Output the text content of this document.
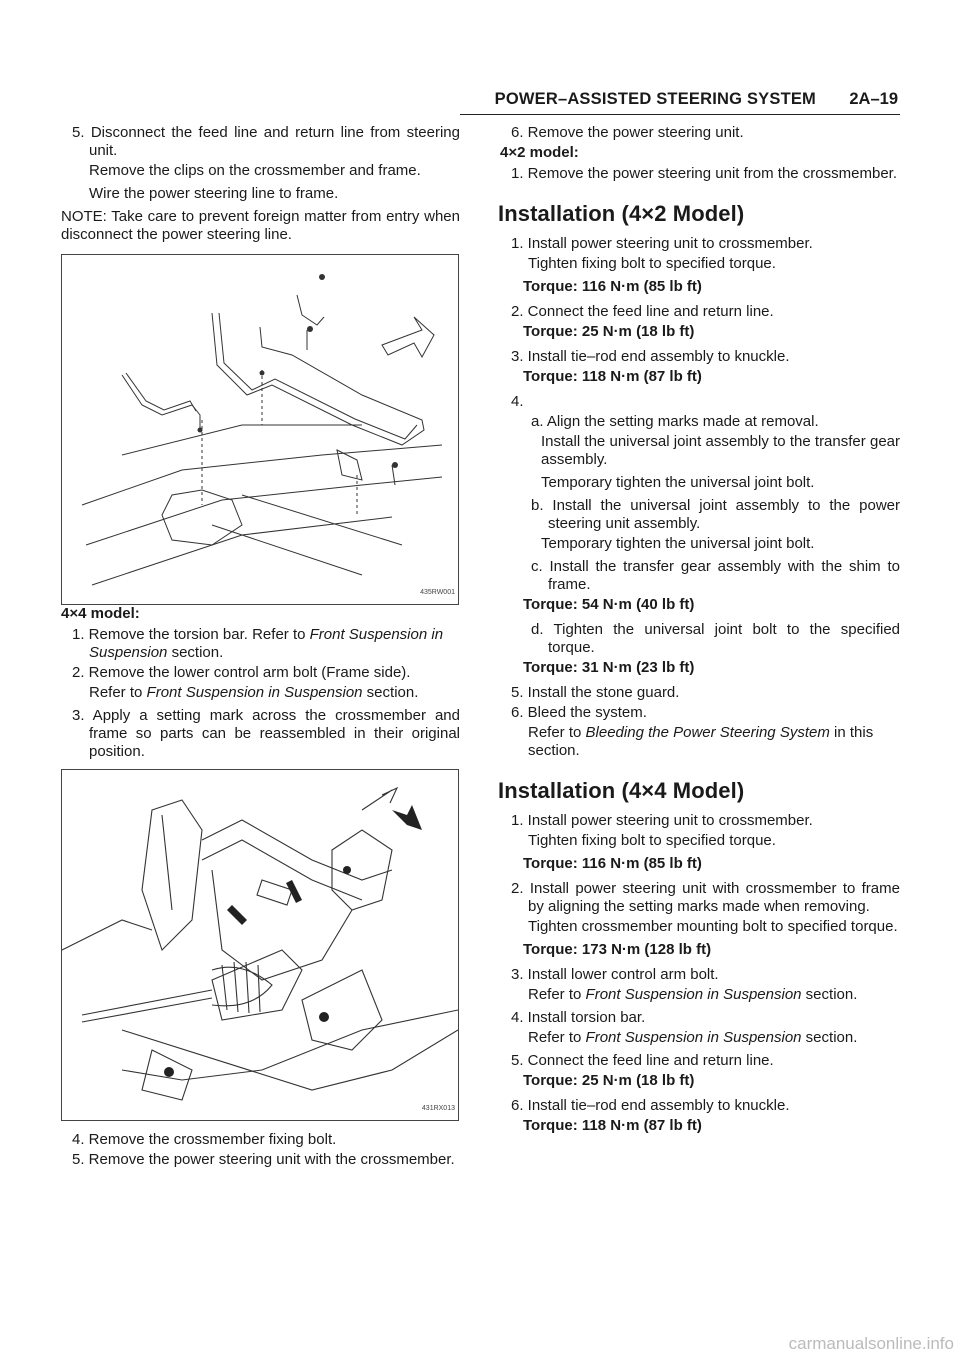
POWER–ASSISTED STEERING SYSTEM 2A–19

5. Disconnect the feed line and return line from steering unit.

Remove the clips on the crossmember and frame.

Wire the power steering line to frame.

NOTE: Take care to prevent foreign matter from entry when disconnect the power steering line.

435RW001

4×4 model:

1. Remove the torsion bar. Refer to Front Suspension in Suspension section.

2. Remove the lower control arm bolt (Frame side).

Refer to Front Suspension in Suspension section.

3. Apply a setting mark across the crossmember and frame so parts can be reassembled in their original position.

431RX013

4. Remove the crossmember fixing bolt.

5. Remove the power steering unit with the crossmember.

6. Remove the power steering unit.

4×2 model:

1. Remove the power steering unit from the crossmember.

Installation (4×2 Model)

1. Install power steering unit to crossmember.

Tighten fixing bolt to specified torque.

Torque: 116 N·m (85 lb ft)

2. Connect the feed line and return line.

Torque: 25 N·m (18 lb ft)

3. Install tie–rod end assembly to knuckle.

Torque: 118 N·m (87 lb ft)

4.

a. Align the setting marks made at removal.

Install the universal joint assembly to the transfer gear assembly.

Temporary tighten the universal joint bolt.

b. Install the universal joint assembly to the power steering unit assembly.

Temporary tighten the universal joint bolt.

c. Install the transfer gear assembly with the shim to frame.

Torque: 54 N·m (40 lb ft)

d. Tighten the universal joint bolt to the specified torque.

Torque: 31 N·m (23 lb ft)

5. Install the stone guard.

6. Bleed the system.

Refer to Bleeding the Power Steering System in this section.

Installation (4×4 Model)

1. Install power steering unit to crossmember.

Tighten fixing bolt to specified torque.

Torque: 116 N·m (85 lb ft)

2. Install power steering unit with crossmember to frame by aligning the setting marks made when removing.

Tighten crossmember mounting bolt to specified torque.

Torque: 173 N·m (128 lb ft)

3. Install lower control arm bolt.

Refer to Front Suspension in Suspension section.

4. Install torsion bar.

Refer to Front Suspension in Suspension section.

5. Connect the feed line and return line.

Torque: 25 N·m (18 lb ft)

6. Install tie–rod end assembly to knuckle.

Torque: 118 N·m (87 lb ft)

carmanualsonline.info
